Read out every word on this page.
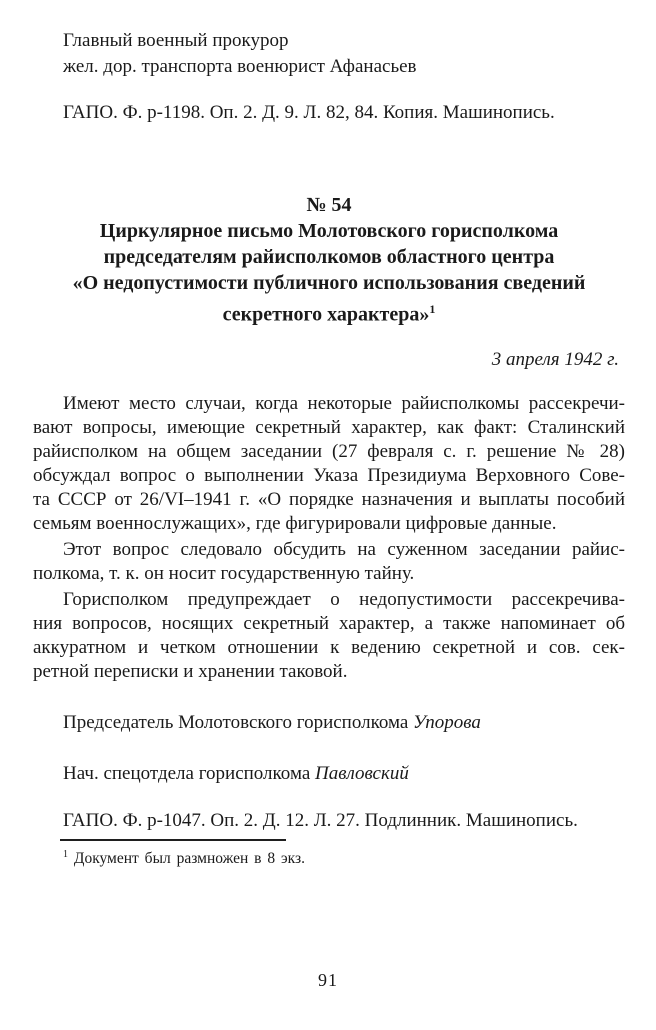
Главный военный прокурор
жел. дор. транспорта военюрист Афанасьев
ГАПО. Ф. р-1198. Оп. 2. Д. 9. Л. 82, 84. Копия. Машинопись.
№ 54
Циркулярное письмо Молотовского горисполкома
председателям райисполкомов областного центра
«О недопустимости публичного использования сведений
секретного характера»$^1$
3 апреля 1942 г.
Имеют место случаи, когда некоторые райисполкомы рассекречи-
вают вопросы, имеющие секретный характер, как факт: Сталинский
райисполком на общем заседании (27 февраля с. г. решение № 28)
обсуждал вопрос о выполнении Указа Президиума Верховного Сове-
та СССР от 26/VI–1941 г. «О порядке назначения и выплаты пособий
семьям военнослужащих», где фигурировали цифровые данные.
Этот вопрос следовало обсудить на суженном заседании райис-
полкома, т. к. он носит государственную тайну.
Горисполком предупреждает о недопустимости рассекречива-
ния вопросов, носящих секретный характер, а также напоминает об
аккуратном и четком отношении к ведению секретной и сов. сек-
ретной переписки и хранении таковой.
Председатель Молотовского горисполкома Упорова
Нач. спецотдела горисполкома Павловский
ГАПО. Ф. р-1047. Оп. 2. Д. 12. Л. 27. Подлинник. Машинопись.
$^1$ Документ был размножен в 8 экз.
91
